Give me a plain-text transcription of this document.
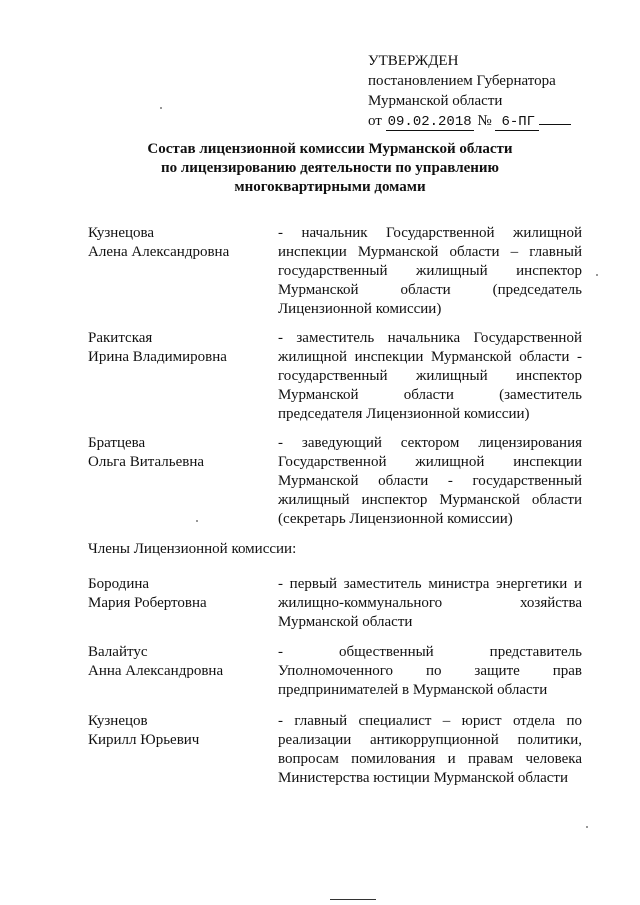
УТВЕРЖДЕН
постановлением Губернатора
Мурманской области
от 09.02.2018 № 6-ПГ
Состав лицензионной комиссии Мурманской области
по лицензированию деятельности по управлению
многоквартирными домами
Кузнецова
Алена Александровна
- начальник Государственной жилищной инспекции Мурманской области – главный государственный жилищный инспектор Мурманской области (председатель Лицензионной комиссии)
Ракитская
Ирина Владимировна
- заместитель начальника Государственной жилищной инспекции Мурманской области - государственный жилищный инспектор Мурманской области (заместитель председателя Лицензионной комиссии)
Братцева
Ольга Витальевна
- заведующий сектором лицензирования Государственной жилищной инспекции Мурманской области - государственный жилищный инспектор Мурманской области (секретарь Лицензионной комиссии)
Члены Лицензионной комиссии:
Бородина
Мария Робертовна
- первый заместитель министра энергетики и жилищно-коммунального хозяйства Мурманской области
Валайтус
Анна Александровна
- общественный представитель Уполномоченного по защите прав предпринимателей в Мурманской области
Кузнецов
Кирилл Юрьевич
- главный специалист – юрист отдела по реализации антикоррупционной политики, вопросам помилования и правам человека Министерства юстиции Мурманской области
